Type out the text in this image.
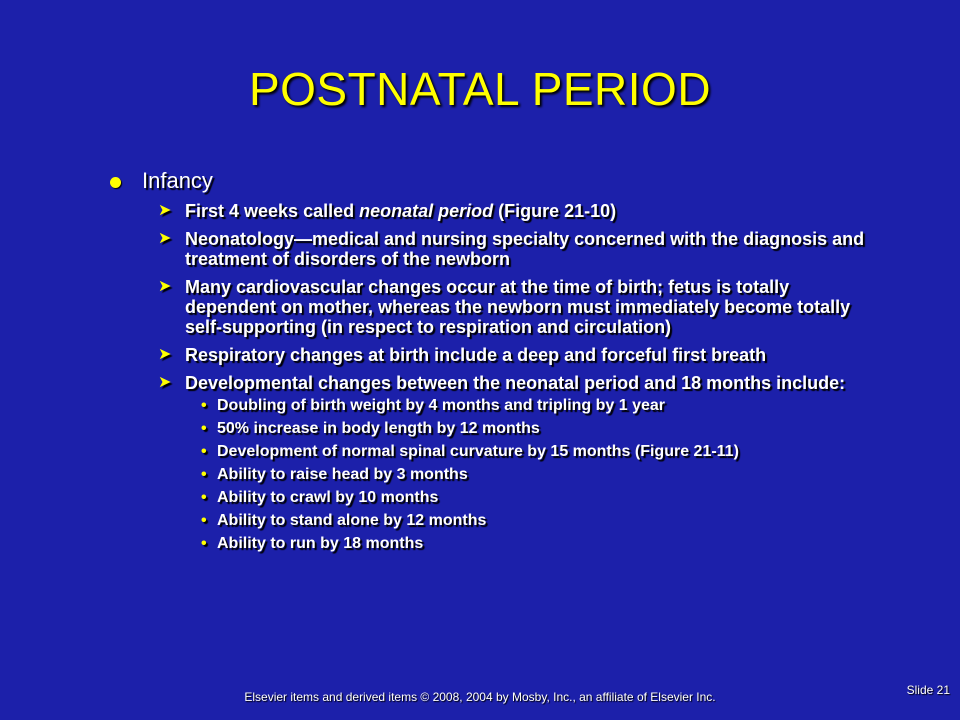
POSTNATAL PERIOD
Infancy
➤ First 4 weeks called neonatal period (Figure 21-10)
➤ Neonatology—medical and nursing specialty concerned with the diagnosis and treatment of disorders of the newborn
➤ Many cardiovascular changes occur at the time of birth; fetus is totally dependent on mother, whereas the newborn must immediately become totally self-supporting (in respect to respiration and circulation)
➤ Respiratory changes at birth include a deep and forceful first breath
➤ Developmental changes between the neonatal period and 18 months include:
• Doubling of birth weight by 4 months and tripling by 1 year
• 50% increase in body length by 12 months
• Development of normal spinal curvature by 15 months (Figure 21-11)
• Ability to raise head by 3 months
• Ability to crawl by 10 months
• Ability to stand alone by 12 months
• Ability to run by 18 months
Elsevier items and derived items © 2008, 2004 by Mosby, Inc., an affiliate of Elsevier Inc.	Slide 21
